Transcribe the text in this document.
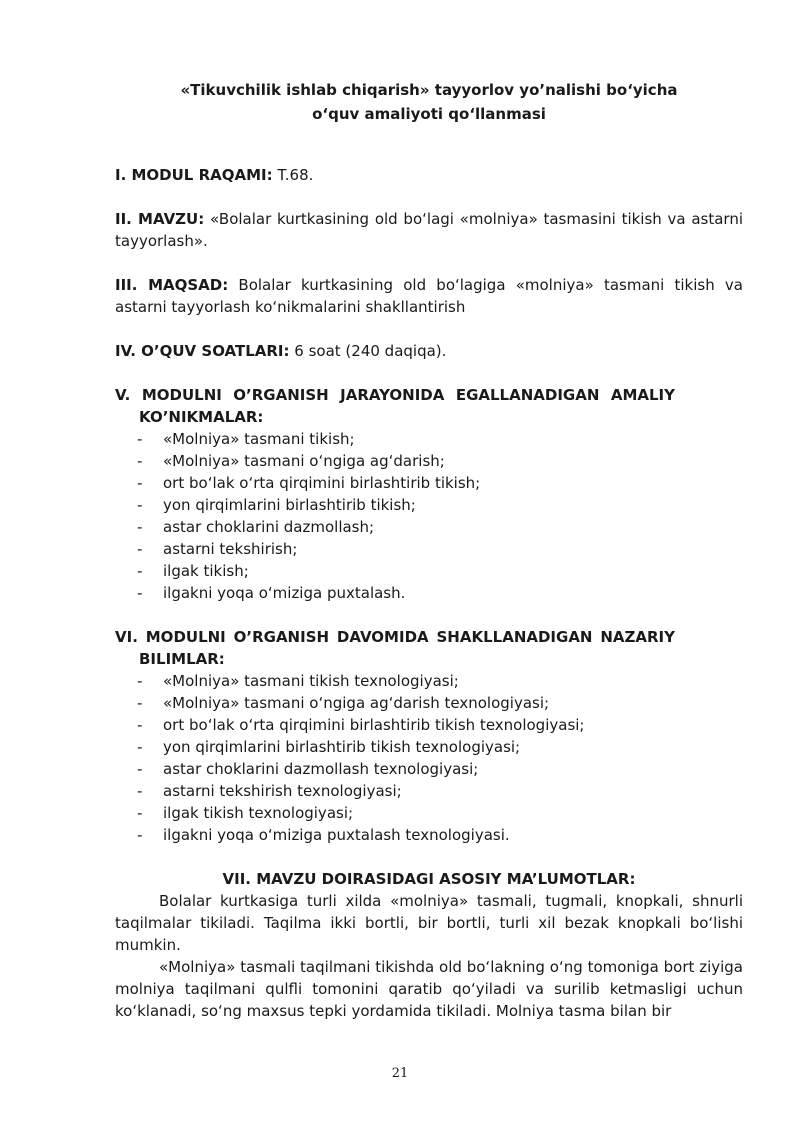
«Tikuvchilik ishlab chiqarish» tayyorlov yo’nalishi bo‘yicha
o‘quv amaliyoti qo‘llanmasi
I. MODUL RAQAMI: T.68.
II. MAVZU: «Bolalar kurtkasining old bo‘lagi «molniya» tasmasini tikish va astarni tayyorlash».
III. MAQSAD: Bolalar kurtkasining old bo‘lagiga «molniya» tasmani tikish va astarni tayyorlash ko‘nikmalarini shakllantirish
IV. O’QUV SOATLARI: 6 soat (240 daqiqa).
V. MODULNI O’RGANISH JARAYONIDA EGALLANADIGAN AMALIY
KO’NIKMALAR:
- «Molniya» tasmani tikish;
- «Molniya» tasmani o‘ngiga ag‘darish;
- ort bo‘lak o‘rta qirqimini birlashtirib tikish;
- yon qirqimlarini birlashtirib tikish;
- astar choklarini dazmollash;
- astarni tekshirish;
- ilgak tikish;
- ilgakni yoqa o‘miziga puxtalash.
VI. MODULNI O’RGANISH DAVOMIDA SHAKLLANADIGAN NAZARIY
BILIMLAR:
- «Molniya» tasmani tikish texnologiyasi;
- «Molniya» tasmani o‘ngiga ag‘darish texnologiyasi;
- ort bo‘lak o‘rta qirqimini birlashtirib tikish texnologiyasi;
- yon qirqimlarini birlashtirib tikish texnologiyasi;
- astar choklarini dazmollash texnologiyasi;
- astarni tekshirish texnologiyasi;
- ilgak tikish texnologiyasi;
- ilgakni yoqa o‘miziga puxtalash texnologiyasi.
VII. MAVZU DOIRASIDAGI ASOSIY MA’LUMOTLAR:
Bolalar kurtkasiga turli xilda «molniya» tasmali, tugmali, knopkali, shnurli taqilmalar tikiladi. Taqilma ikki bortli, bir bortli, turli xil bezak knopkali bo‘lishi mumkin.
«Molniya» tasmali taqilmani tikishda old bo‘lakning o‘ng tomoniga bort ziyiga molniya taqilmani qulfli tomonini qaratib qo‘yiladi va surilib ketmasligi uchun ko‘klanadi, so‘ng maxsus tepki yordamida tikiladi. Molniya tasma bilan bir
21
